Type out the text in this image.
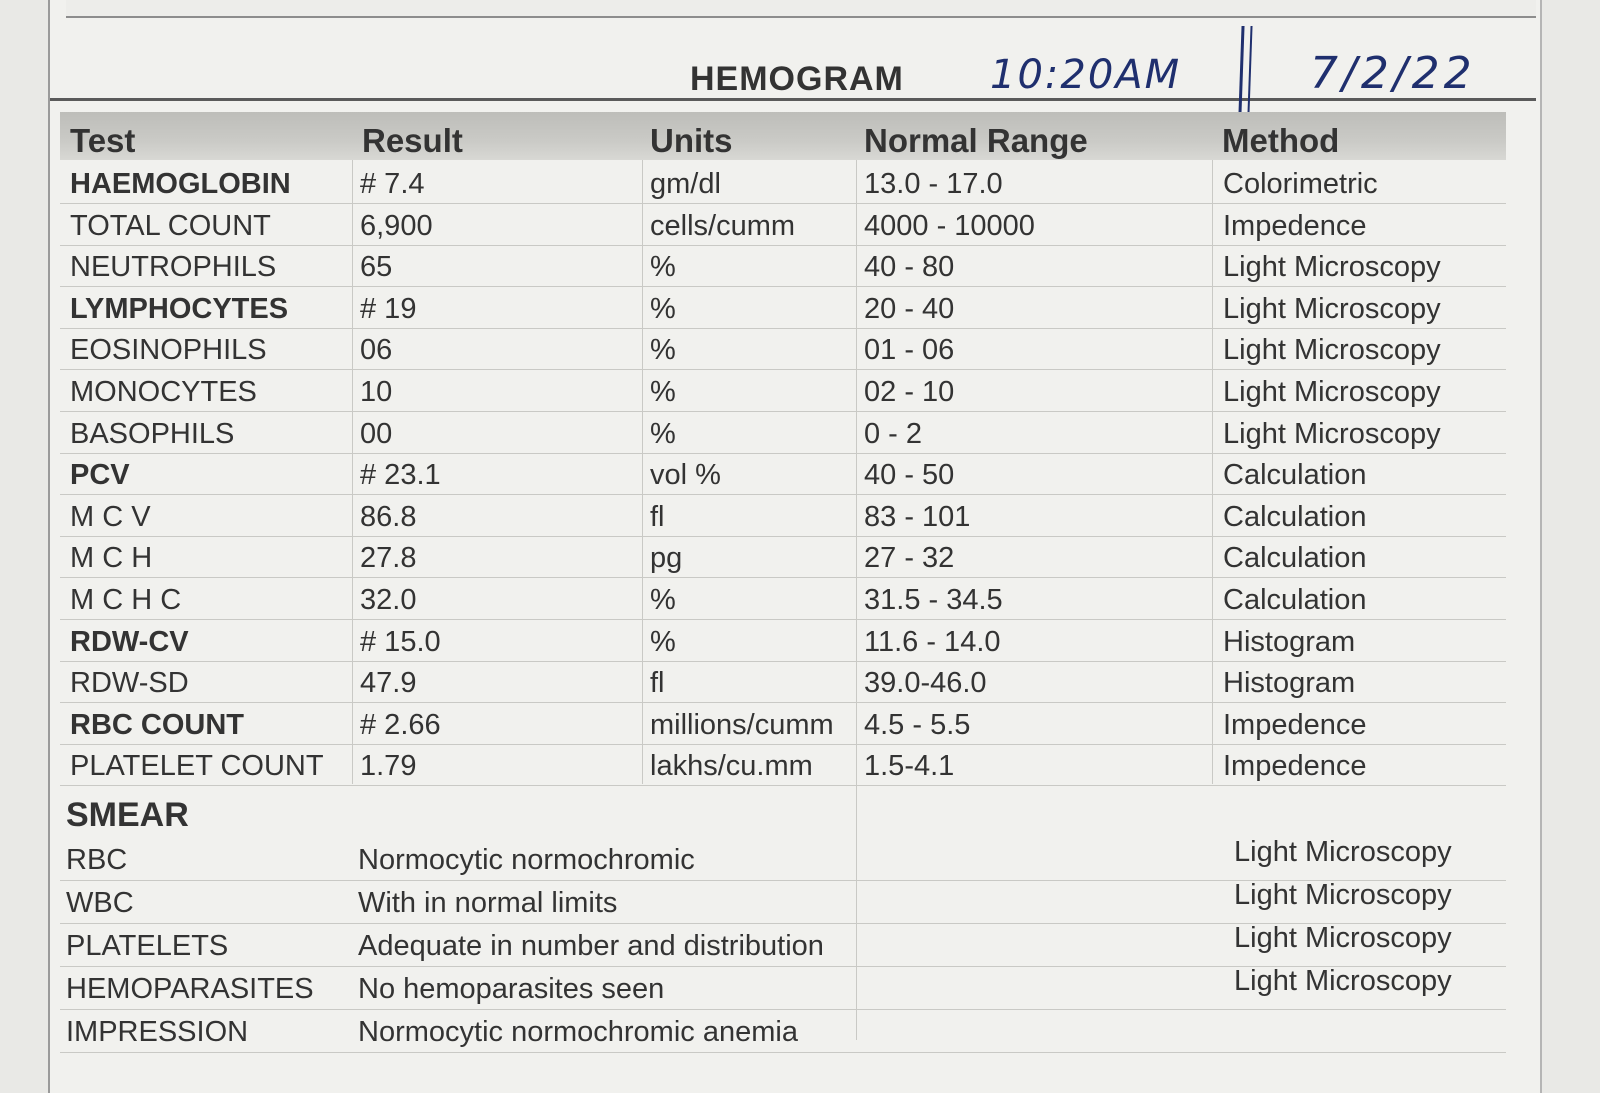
HEMOGRAM 10:20AM	7/2/22
Test	Result	Units	Normal Range	Method
HAEMOGLOBIN # 7.4	gm/dl	13.0 - 17.0	Colorimetric
TOTAL COUNT	6,900	cells/cumm 4000 - 10000	Impedence
NEUTROPHILS	65	%	40 - 80	Light Microscopy
LYMPHOCYTES # 19	%	20 - 40	Light Microscopy
EOSINOPHILS	06	%	01 - 06	Light Microscopy
MONOCYTES	10	%	02 - 10	Light Microscopy
BASOPHILS	00	%	0 - 2	Light Microscopy
PCV	# 23.1	vol %	40 - 50	Calculation
M C V	86.8	fl	83 - 101	Calculation
M C H	27.8	pg	27 - 32	Calculation
M C H C	32.0	%	31.5 - 34.5	Calculation
RDW-CV	# 15.0	%	11.6 - 14.0	Histogram
RDW-SD	47.9	fl	39.0-46.0	Histogram
RBC COUNT	# 2.66	millions/cumm 4.5 - 5.5	Impedence
PLATELET COUNT 1.79	lakhs/cu.mm 1.5-4.1	Impedence
SMEAR
RBC	Normocytic normochromic	Light Microscopy
WBC	With in normal limits	Light Microscopy
PLATELETS	Adequate in number and distribution	Light Microscopy
HEMOPARASITES No hemoparasites seen	Light Microscopy
IMPRESSION	Normocytic normochromic anemia
